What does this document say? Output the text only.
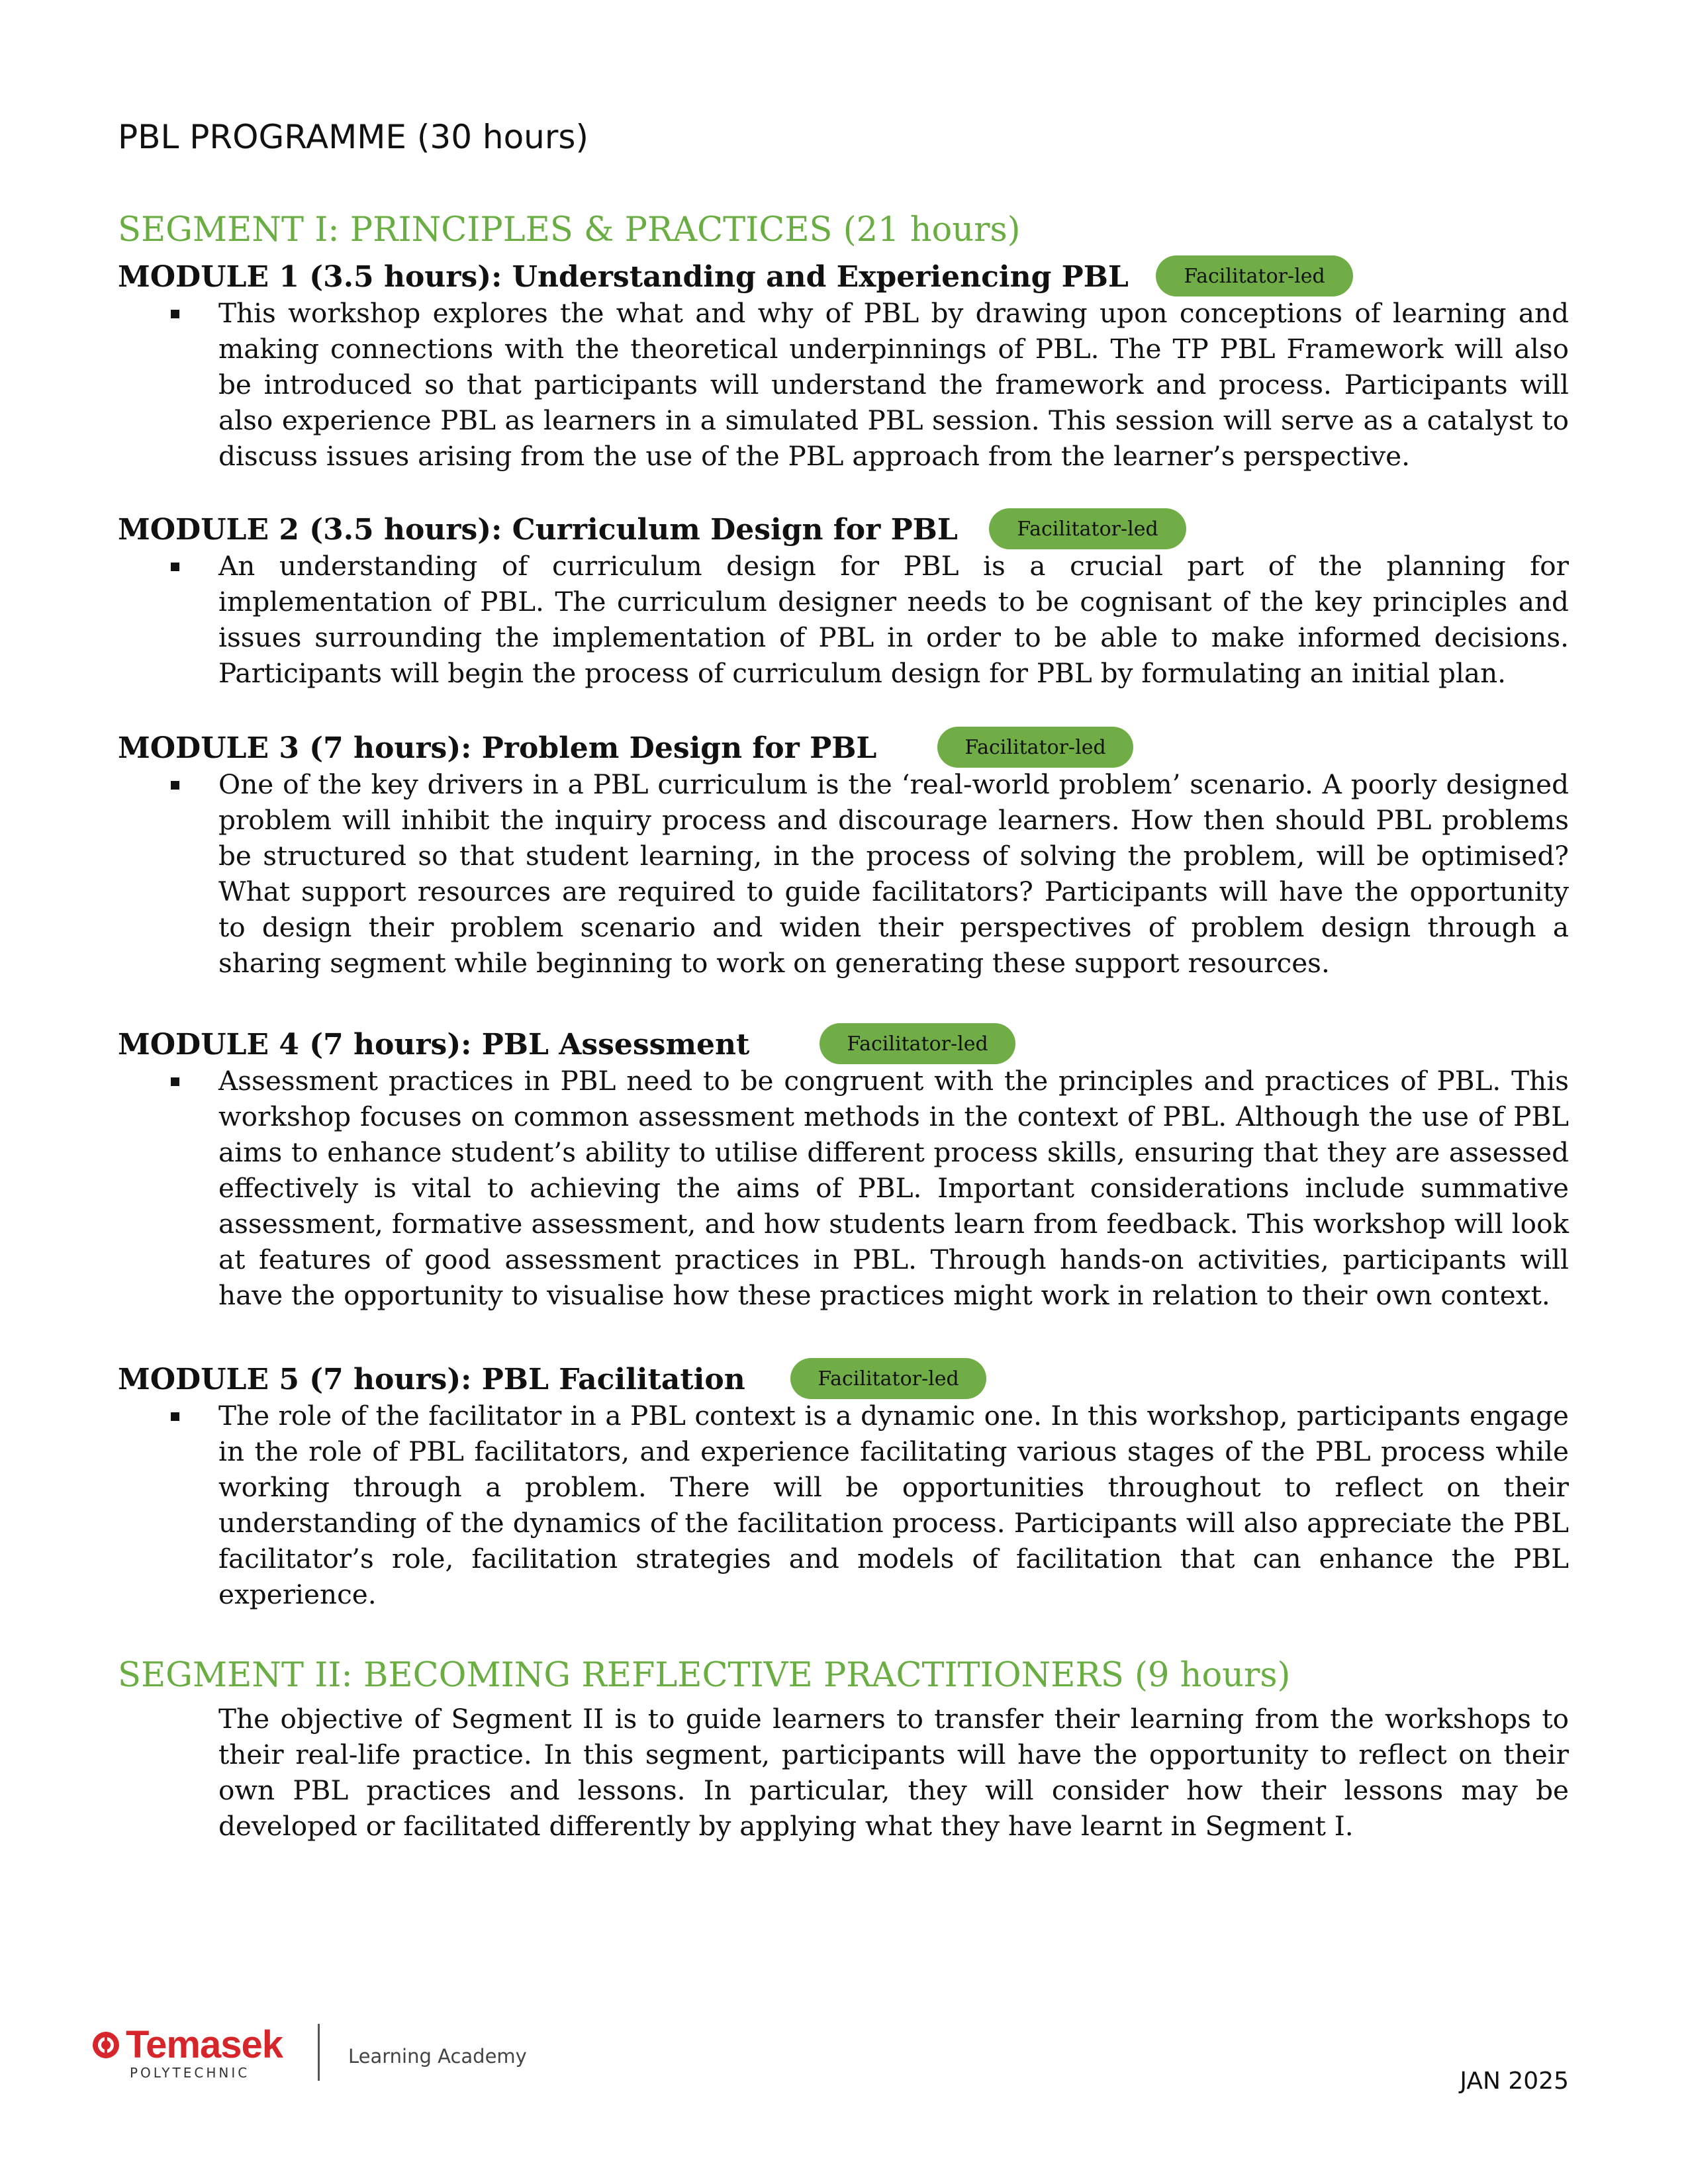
PBL PROGRAMME (30 hours)
SEGMENT I: PRINCIPLES & PRACTICES (21 hours)
MODULE 1 (3.5 hours): Understanding and Experiencing PBL	Facilitator-led
This workshop explores the what and why of PBL by drawing upon conceptions of learning and making connections with the theoretical underpinnings of PBL. The TP PBL Framework will also be introduced so that participants will understand the framework and process. Participants will also experience PBL as learners in a simulated PBL session. This session will serve as a catalyst to discuss issues arising from the use of the PBL approach from the learner’s perspective.
MODULE 2 (3.5 hours): Curriculum Design for PBL	Facilitator-led
An understanding of curriculum design for PBL is a crucial part of the planning for implementation of PBL. The curriculum designer needs to be cognisant of the key principles and issues surrounding the implementation of PBL in order to be able to make informed decisions. Participants will begin the process of curriculum design for PBL by formulating an initial plan.
MODULE 3 (7 hours): Problem Design for PBL	Facilitator-led
One of the key drivers in a PBL curriculum is the ‘real-world problem’ scenario. A poorly designed problem will inhibit the inquiry process and discourage learners. How then should PBL problems be structured so that student learning, in the process of solving the problem, will be optimised? What support resources are required to guide facilitators? Participants will have the opportunity to design their problem scenario and widen their perspectives of problem design through a sharing segment while beginning to work on generating these support resources.
MODULE 4 (7 hours): PBL Assessment	Facilitator-led
Assessment practices in PBL need to be congruent with the principles and practices of PBL. This workshop focuses on common assessment methods in the context of PBL. Although the use of PBL aims to enhance student’s ability to utilise different process skills, ensuring that they are assessed effectively is vital to achieving the aims of PBL. Important considerations include summative assessment, formative assessment, and how students learn from feedback. This workshop will look at features of good assessment practices in PBL. Through hands-on activities, participants will have the opportunity to visualise how these practices might work in relation to their own context.
MODULE 5 (7 hours): PBL Facilitation	Facilitator-led
The role of the facilitator in a PBL context is a dynamic one. In this workshop, participants engage in the role of PBL facilitators, and experience facilitating various stages of the PBL process while working through a problem. There will be opportunities throughout to reflect on their understanding of the dynamics of the facilitation process. Participants will also appreciate the PBL facilitator’s role, facilitation strategies and models of facilitation that can enhance the PBL experience.
SEGMENT II: BECOMING REFLECTIVE PRACTITIONERS (9 hours)
The objective of Segment II is to guide learners to transfer their learning from the workshops to their real-life practice. In this segment, participants will have the opportunity to reflect on their own PBL practices and lessons. In particular, they will consider how their lessons may be developed or facilitated differently by applying what they have learnt in Segment I.
Temasek
POLYTECHNIC
Learning Academy
JAN 2025
